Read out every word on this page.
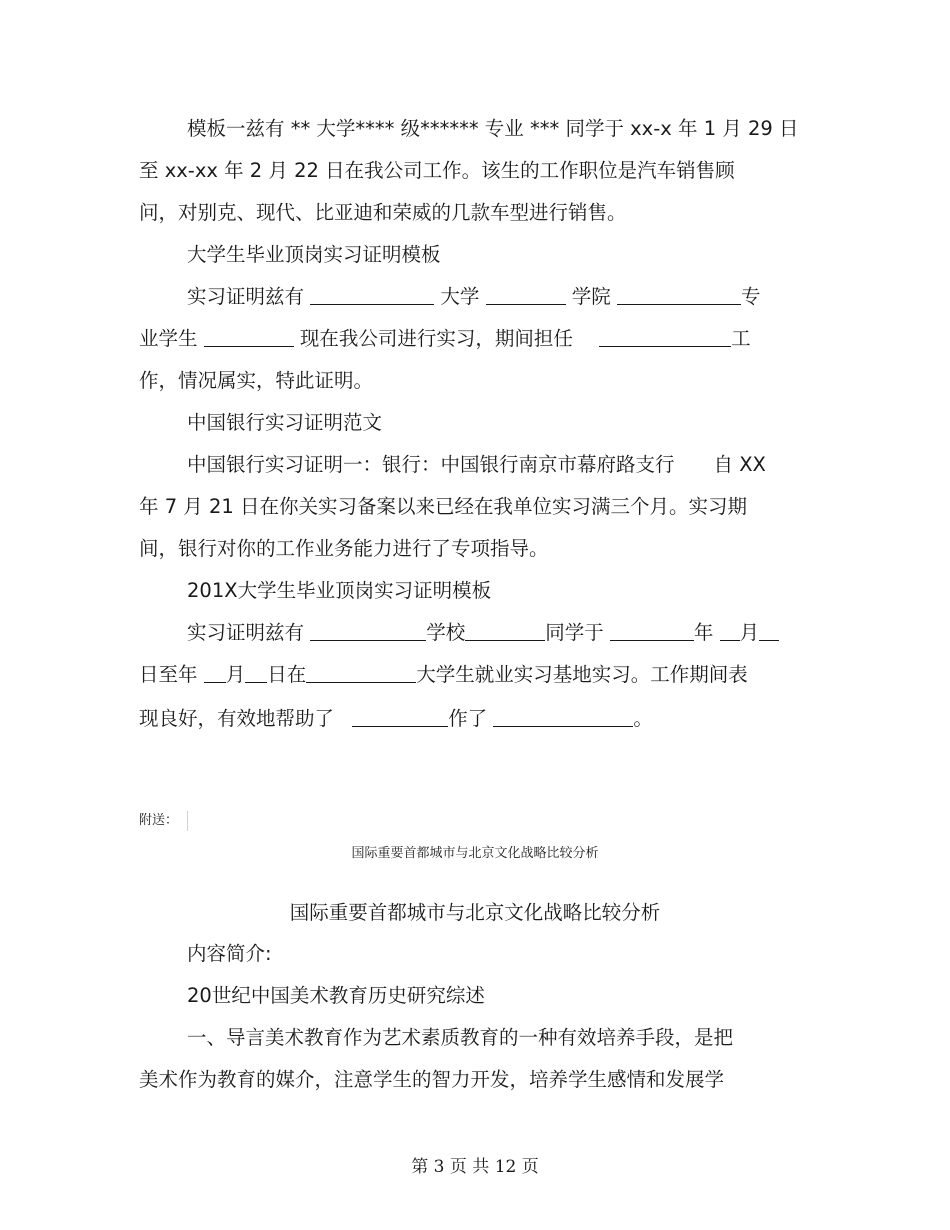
模板一兹有 ** 大学**** 级****** 专业 *** 同学于 xx-x 年 1 月 29 日
至 xx-xx 年 2 月 22 日在我公司工作。该生的工作职位是汽车销售顾
问，对别克、现代、比亚迪和荣威的几款车型进行销售。
大学生毕业顶岗实习证明模板
实习证明兹有	大学	学院	专
业学生	现在我公司进行实习，期间担任	工
作，情况属实，特此证明。
中国银行实习证明范文
中国银行实习证明一：银行：中国银行南京市幕府路支行　　自 XX
年 7 月 21 日在你关实习备案以来已经在我单位实习满三个月。实习期
间，银行对你的工作业务能力进行了专项指导。
201X大学生毕业顶岗实习证明模板
实习证明兹有	学校	同学于	年 月
日至年 月 日在	大学生就业实习基地实习。工作期间表
现良好，有效地帮助了	作了	。
附送：
国际重要首都城市与北京文化战略比较分析
国际重要首都城市与北京文化战略比较分析
内容简介:
20世纪中国美术教育历史研究综述
一、导言美术教育作为艺术素质教育的一种有效培养手段，是把
美术作为教育的媒介，注意学生的智力开发，培养学生感情和发展学
第 3 页 共 12 页
